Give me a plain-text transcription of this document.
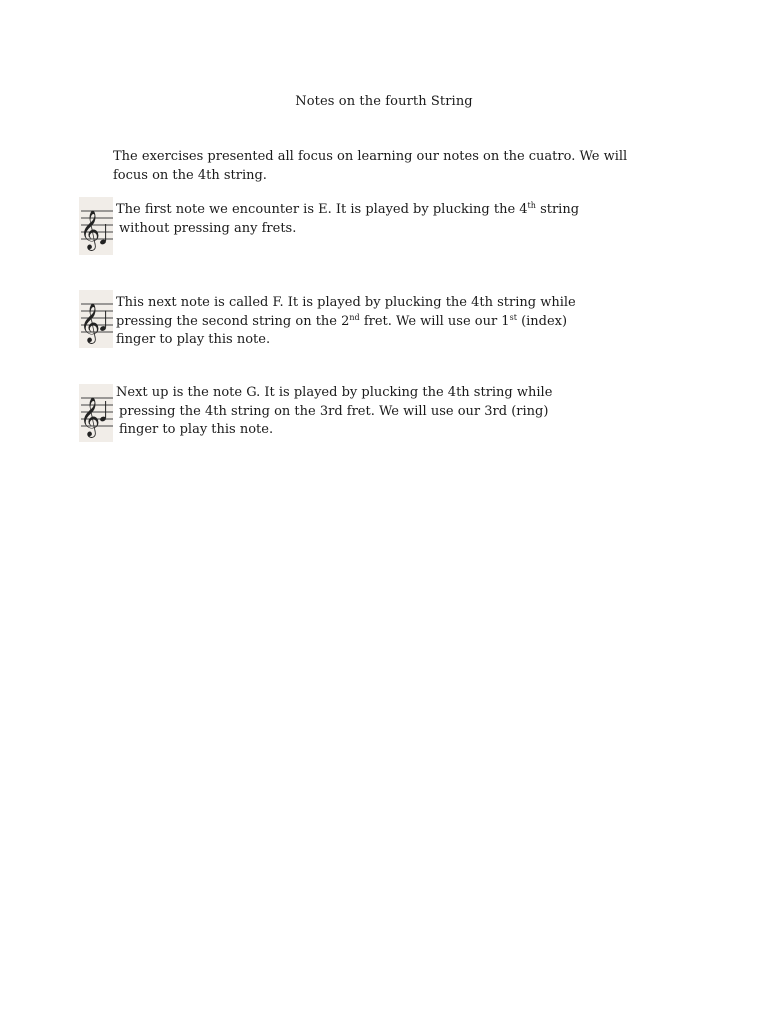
Notes on the fourth String
The exercises presented all focus on learning our notes on the cuatro. We will focus on the 4th string.
𝄞
The first note we encounter is E. It is played by plucking the 4th string
without pressing any frets.
𝄞
This next note is called F. It is played by plucking the 4th string while
pressing the second string on the 2nd fret. We will use our 1st (index)
finger to play this note.
𝄞
Next up is the note G. It is played by plucking the 4th string while
pressing the 4th string on the 3rd fret. We will use our 3rd (ring)
finger to play this note.
